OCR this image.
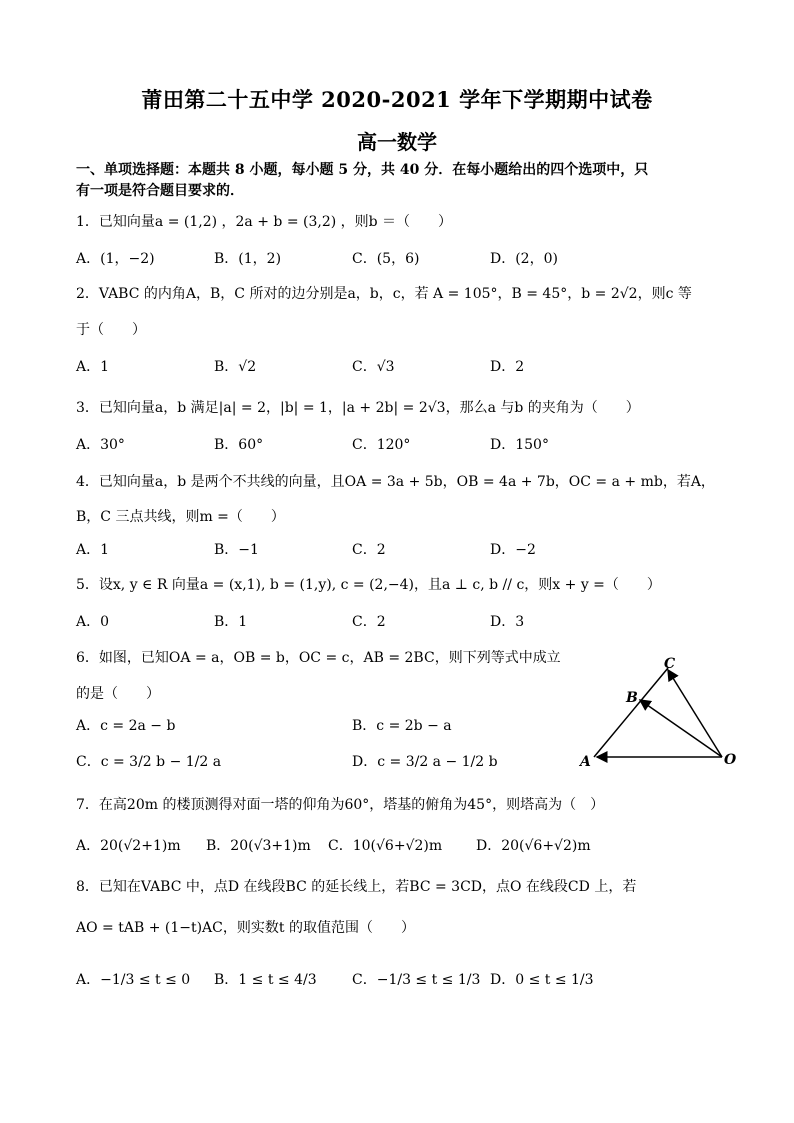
莆田第二十五中学 2020-2021 学年下学期期中试卷
高一数学
一、单项选择题：本题共 8 小题，每小题 5 分，共 40 分．在每小题给出的四个选项中，只
有一项是符合题目要求的．
1．已知向量a = (1,2) ，2a + b = (3,2) ，则b ＝（　　）
A．(1，−2)	B．(1，2)	C．(5，6)	D．(2，0)
2．VABC 的内角A，B，C 所对的边分别是a，b，c，若 A = 105°，B = 45°，b = 2√2，则c 等
于（　　）
A．1	B．√2	C．√3	D．2
3．已知向量a，b 满足|a| = 2，|b| = 1，|a + 2b| = 2√3，那么a 与b 的夹角为（　　）
A．30°	B．60°	C．120°	D．150°
4．已知向量a，b 是两个不共线的向量，且OA = 3a + 5b，OB = 4a + 7b，OC = a + mb，若A，
B，C 三点共线，则m =（　　）
A．1	B．−1	C．2	D．−2
5．设x, y ∈ R 向量a = (x,1), b = (1,y), c = (2,−4)，且a ⊥ c, b // c，则x + y =（　　）
A．0	B．1	C．2	D．3
6．如图，已知OA = a，OB = b，OC = c，AB = 2BC，则下列等式中成立
的是（　　）
A．c = 2a − b	B．c = 2b − a
C．c = 3/2 b − 1/2 a	D．c = 3/2 a − 1/2 b
C
B
A	O
7．在高20m 的楼顶测得对面一塔的仰角为60°，塔基的俯角为45°，则塔高为（　）
A．20(√2+1)m B．20(√3+1)m C．10(√6+√2)m D．20(√6+√2)m
8．已知在VABC 中，点D 在线段BC 的延长线上，若BC = 3CD，点O 在线段CD 上，若
AO = tAB + (1−t)AC，则实数t 的取值范围（　　）
A．−1/3 ≤ t ≤ 0 B．1 ≤ t ≤ 4/3	C．−1/3 ≤ t ≤ 1/3 D．0 ≤ t ≤ 1/3
